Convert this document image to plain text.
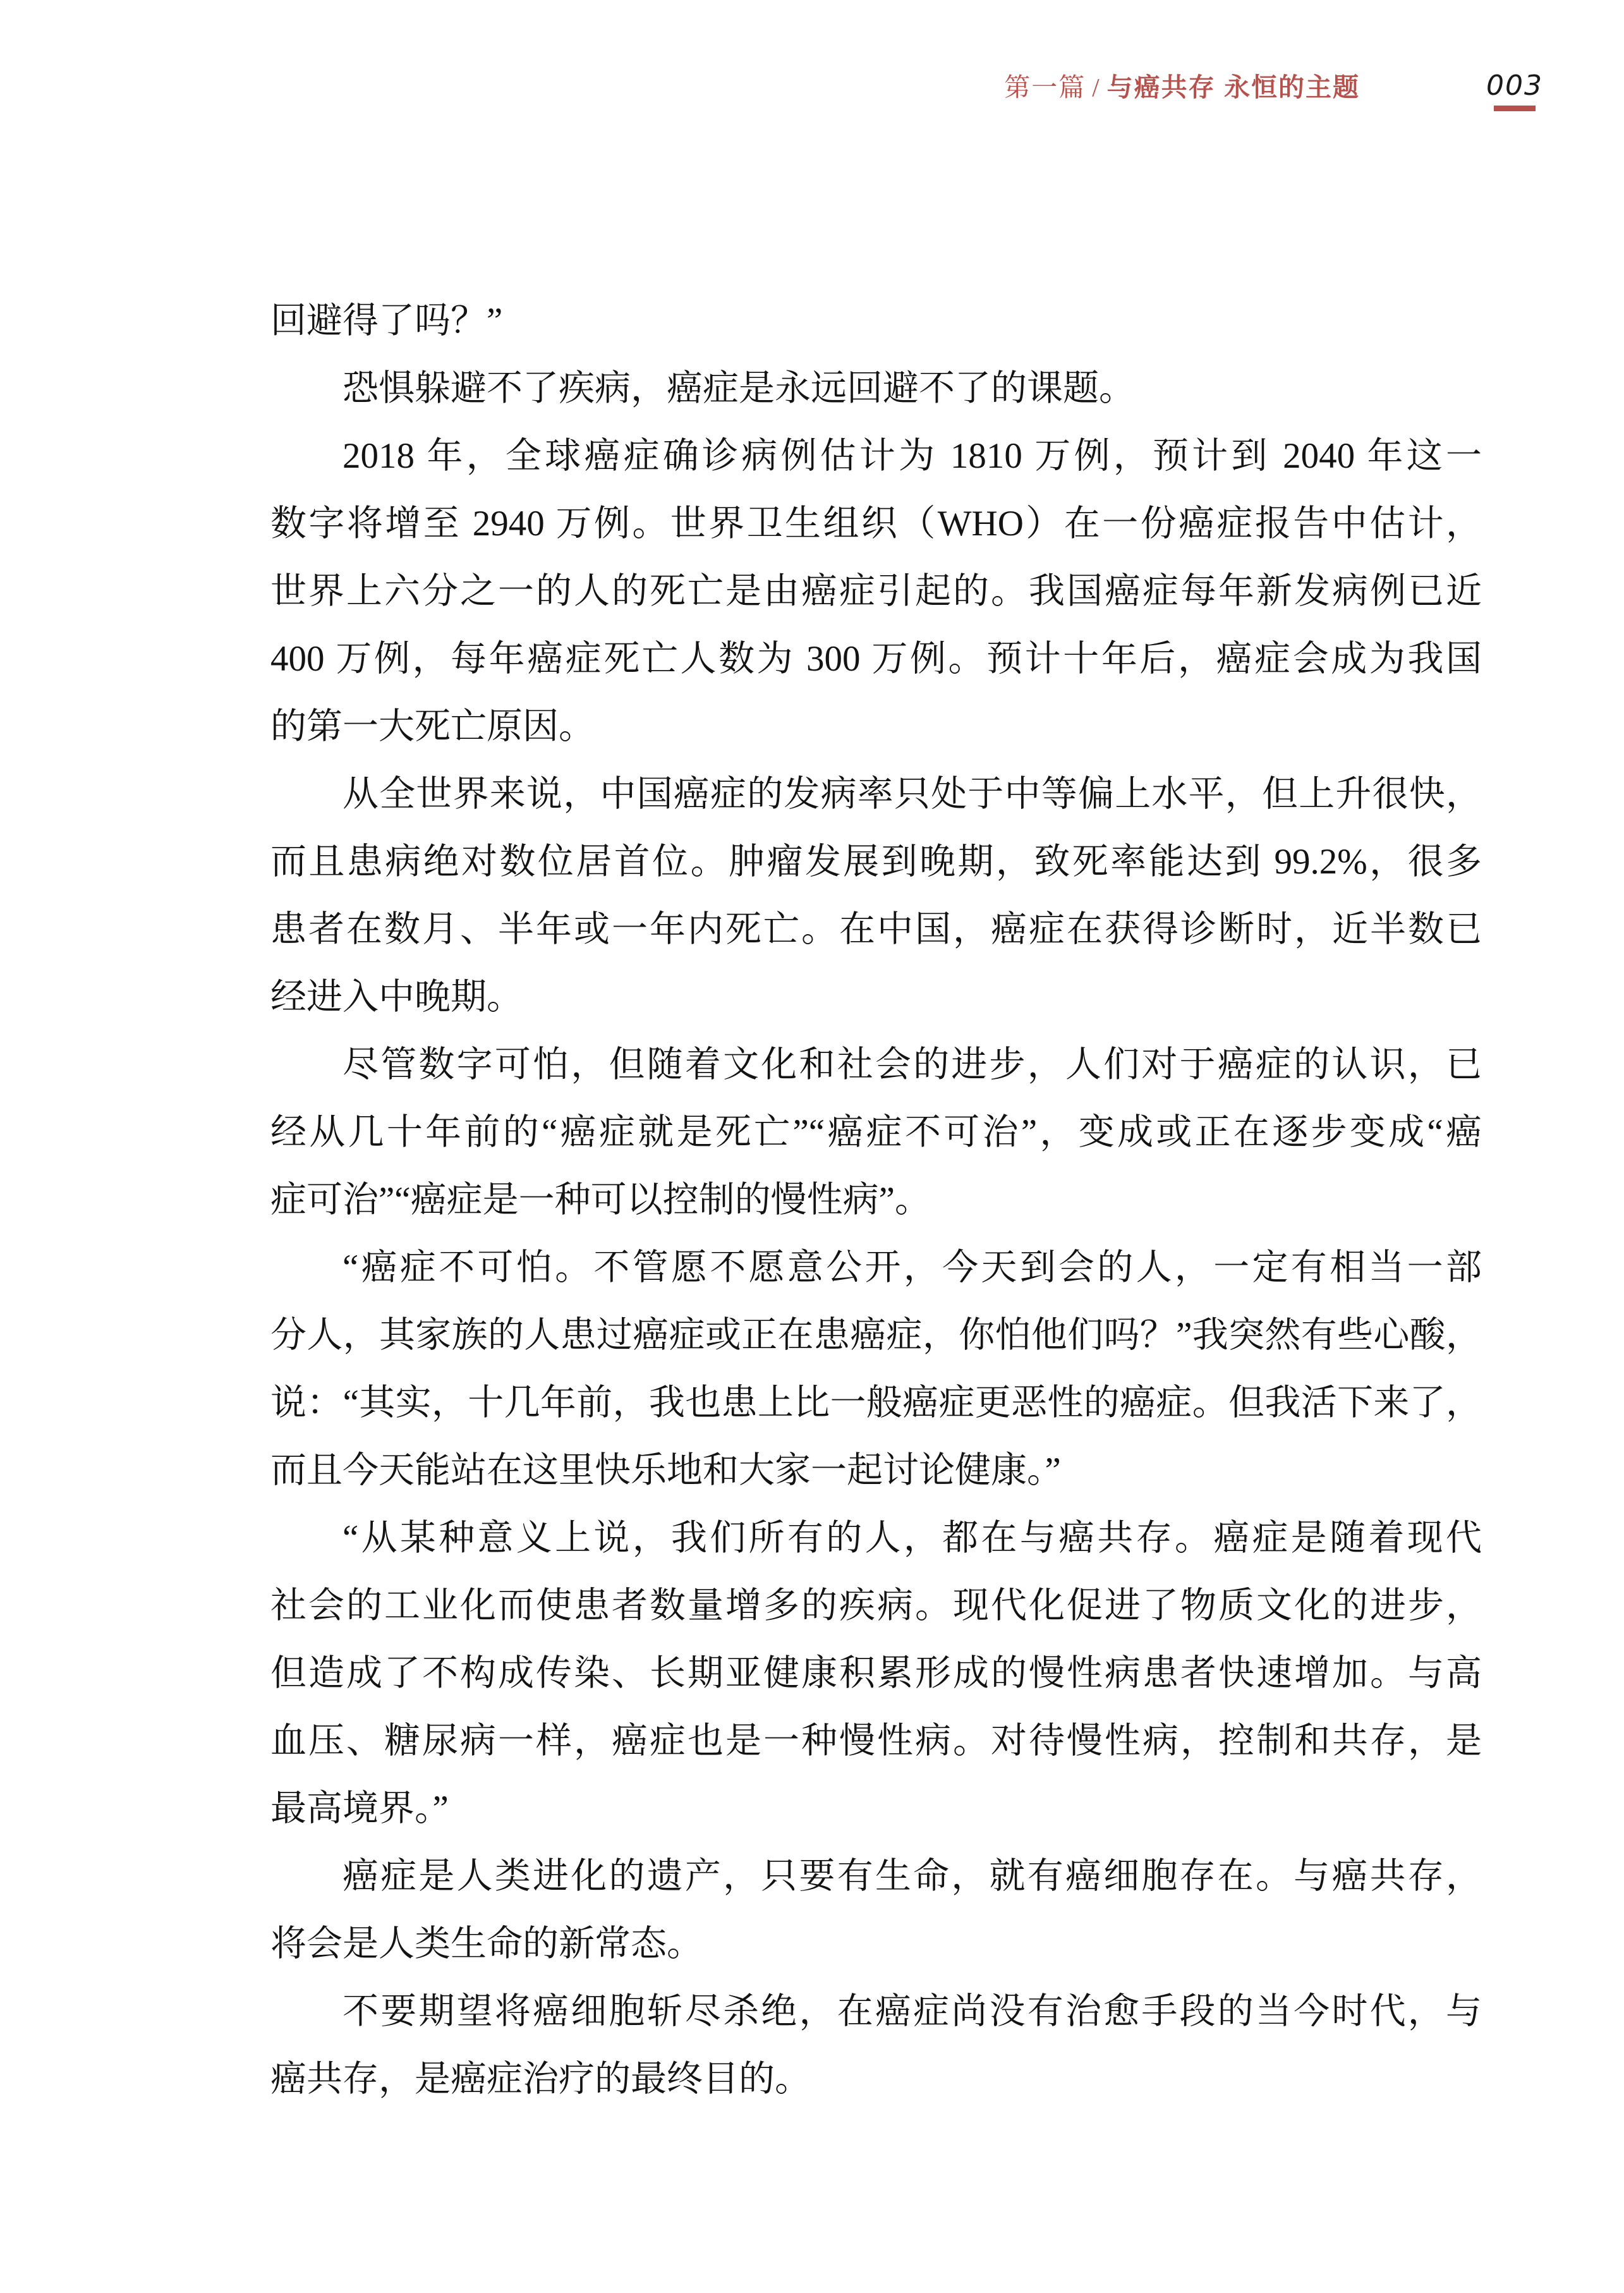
第一篇 / 与癌共存 永恒的主题	003
回避得了吗？”
恐惧躲避不了疾病，癌症是永远回避不了的课题。
2018 年，全球癌症确诊病例估计为 1810 万例，预计到 2040 年这一
数字将增至 2940 万例。世界卫生组织（WHO）在一份癌症报告中估计，
世界上六分之一的人的死亡是由癌症引起的。我国癌症每年新发病例已近
400 万例，每年癌症死亡人数为 300 万例。预计十年后，癌症会成为我国
的第一大死亡原因。
从全世界来说，中国癌症的发病率只处于中等偏上水平，但上升很快，
而且患病绝对数位居首位。肿瘤发展到晚期，致死率能达到 99.2%，很多
患者在数月、半年或一年内死亡。在中国，癌症在获得诊断时，近半数已
经进入中晚期。
尽管数字可怕，但随着文化和社会的进步，人们对于癌症的认识，已
经从几十年前的“癌症就是死亡”“癌症不可治”，变成或正在逐步变成“癌
症可治”“癌症是一种可以控制的慢性病”。
“癌症不可怕。不管愿不愿意公开，今天到会的人，一定有相当一部
分人，其家族的人患过癌症或正在患癌症，你怕他们吗？”我突然有些心酸，
说：“其实，十几年前，我也患上比一般癌症更恶性的癌症。但我活下来了，
而且今天能站在这里快乐地和大家一起讨论健康。”
“从某种意义上说，我们所有的人，都在与癌共存。癌症是随着现代
社会的工业化而使患者数量增多的疾病。现代化促进了物质文化的进步，
但造成了不构成传染、长期亚健康积累形成的慢性病患者快速增加。与高
血压、糖尿病一样，癌症也是一种慢性病。对待慢性病，控制和共存，是
最高境界。”
癌症是人类进化的遗产，只要有生命，就有癌细胞存在。与癌共存，
将会是人类生命的新常态。
不要期望将癌细胞斩尽杀绝，在癌症尚没有治愈手段的当今时代，与
癌共存，是癌症治疗的最终目的。
